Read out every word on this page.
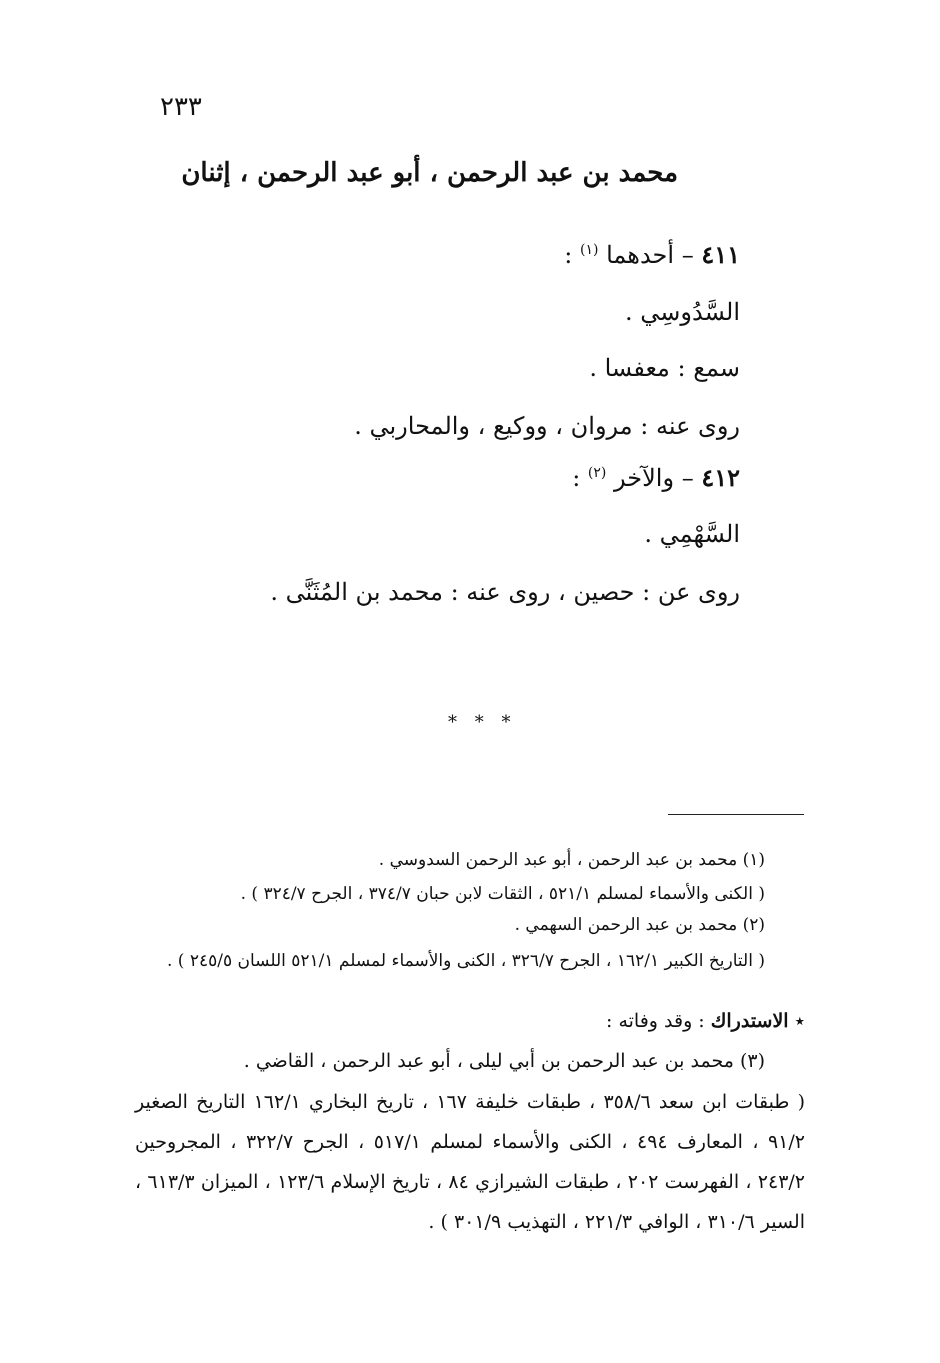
٢٣٣
محمد بن عبد الرحمن ، أبو عبد الرحمن ، إثنان
٤١١ – أحدهما $^{(١)}$ :
السَّدُوسِي .
سمع : معفسا .
روى عنه : مروان ، ووكيع ، والمحاربي .
٤١٢ – والآخر $^{(٢)}$ :
السَّهْمِي .
روى عن : حصين ، روى عنه : محمد بن المُثَنَّى .
* * *
(١) محمد بن عبد الرحمن ، أبو عبد الرحمن السدوسي .
( الكنى والأسماء لمسلم ٥٢١/١ ، الثقات لابن حبان ٣٧٤/٧ ، الجرح ٣٢٤/٧ ) .
(٢) محمد بن عبد الرحمن السهمي .
( التاريخ الكبير ١٦٢/١ ، الجرح ٣٢٦/٧ ، الكنى والأسماء لمسلم ٥٢١/١ اللسان ٢٤٥/٥ ) .
٭ الاستدراك : وقد وفاته :
(٣) محمد بن عبد الرحمن بن أبي ليلى ، أبو عبد الرحمن ، القاضي .
( طبقات ابن سعد ٣٥٨/٦ ، طبقات خليفة ١٦٧ ، تاريخ البخاري ١٦٢/١ التاريخ الصغير ٩١/٢ ، المعارف ٤٩٤ ، الكنى والأسماء لمسلم ٥١٧/١ ، الجرح ٣٢٢/٧ ، المجروحين ٢٤٣/٢ ، الفهرست ٢٠٢ ، طبقات الشيرازي ٨٤ ، تاريخ الإسلام ١٢٣/٦ ، الميزان ٦١٣/٣ ، السير ٣١٠/٦ ، الوافي ٢٢١/٣ ، التهذيب ٣٠١/٩ ) .
